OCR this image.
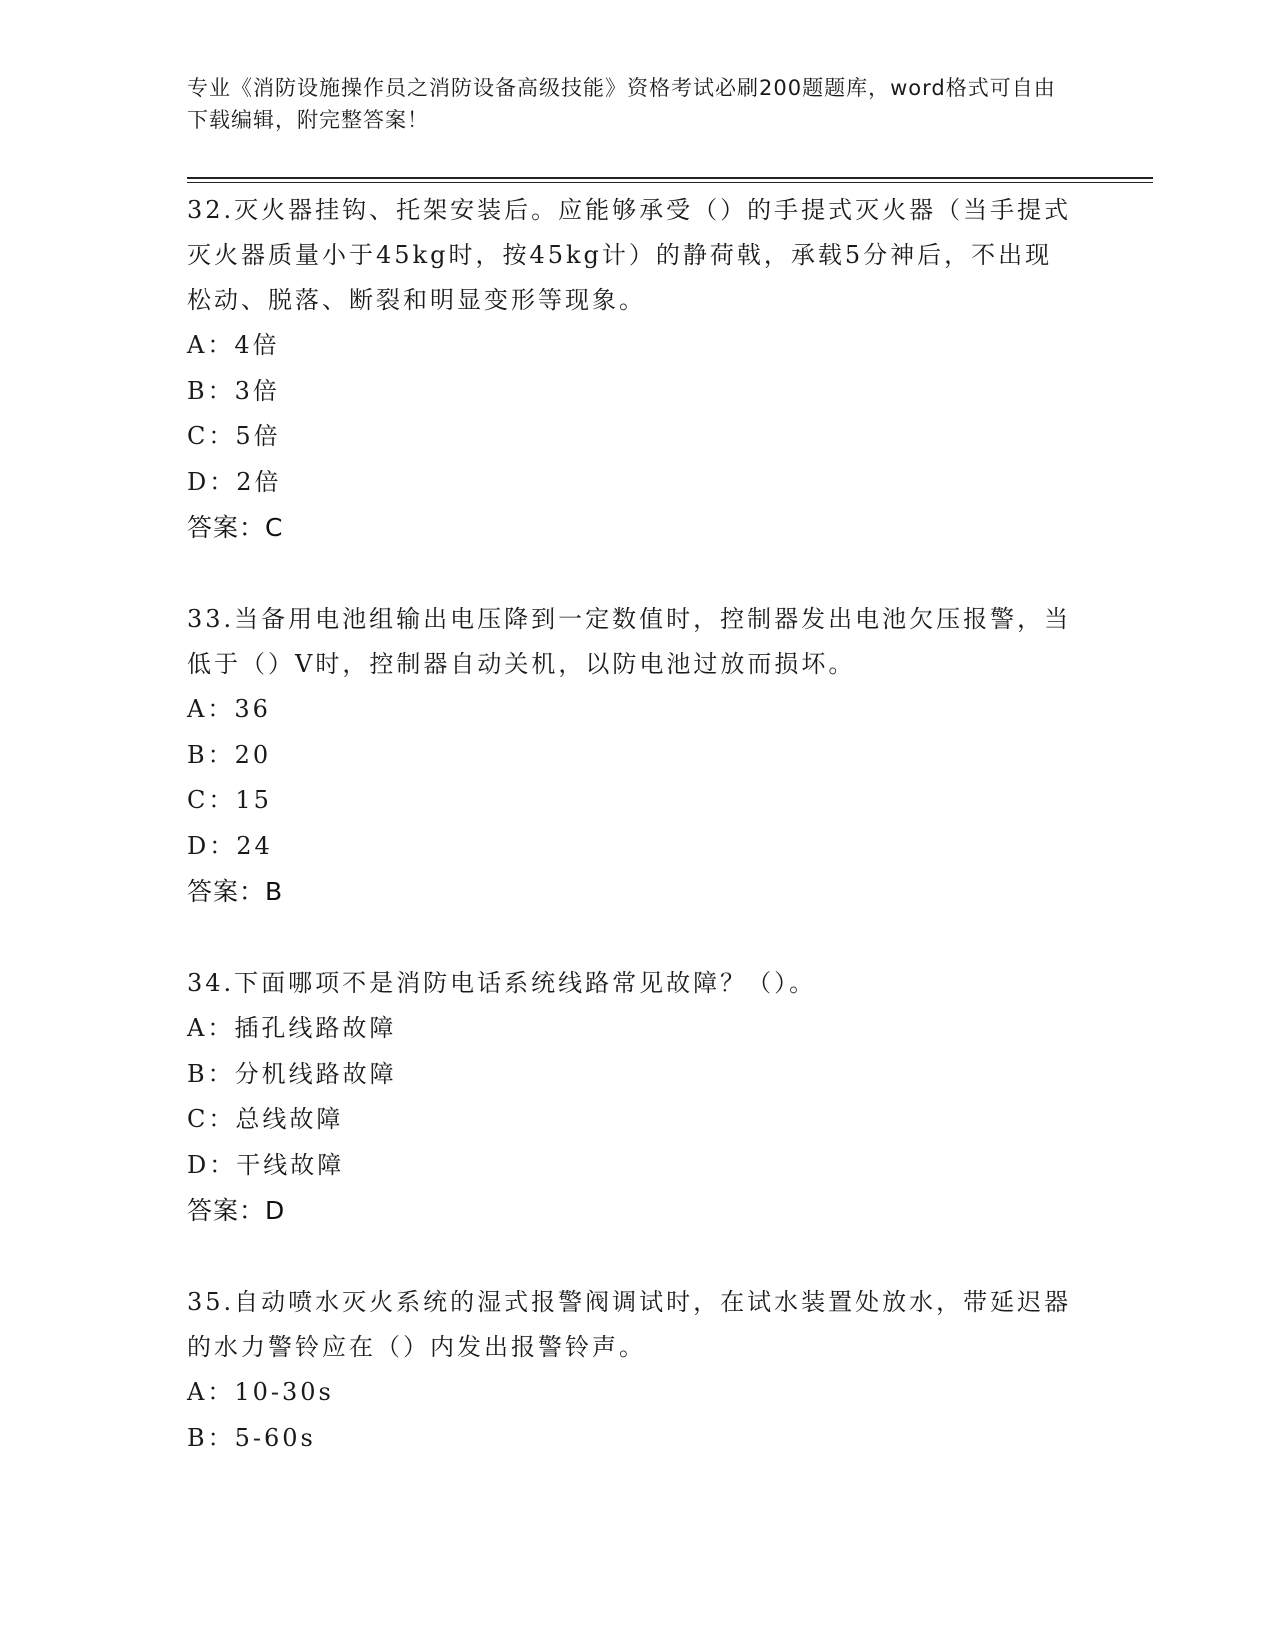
专业《消防设施操作员之消防设备高级技能》资格考试必刷200题题库，word格式可自由下载编辑，附完整答案！

32.灭火器挂钩、托架安装后。应能够承受（）的手提式灭火器（当手提式灭火器质量小于45kg时，按45kg计）的静荷戟，承载5分神后，不出现松动、脱落、断裂和明显变形等现象。

A：4倍

B：3倍

C：5倍

D：2倍

答案：C

33.当备用电池组输出电压降到一定数值时，控制器发出电池欠压报警，当低于（）V时，控制器自动关机，以防电池过放而损坏。

A：36

B：20

C：15

D：24

答案：B

34.下面哪项不是消防电话系统线路常见故障？（）。

A：插孔线路故障

B：分机线路故障

C：总线故障

D：干线故障

答案：D

35.自动喷水灭火系统的湿式报警阀调试时，在试水装置处放水，带延迟器的水力警铃应在（）内发出报警铃声。

A：10-30s

B：5-60s
